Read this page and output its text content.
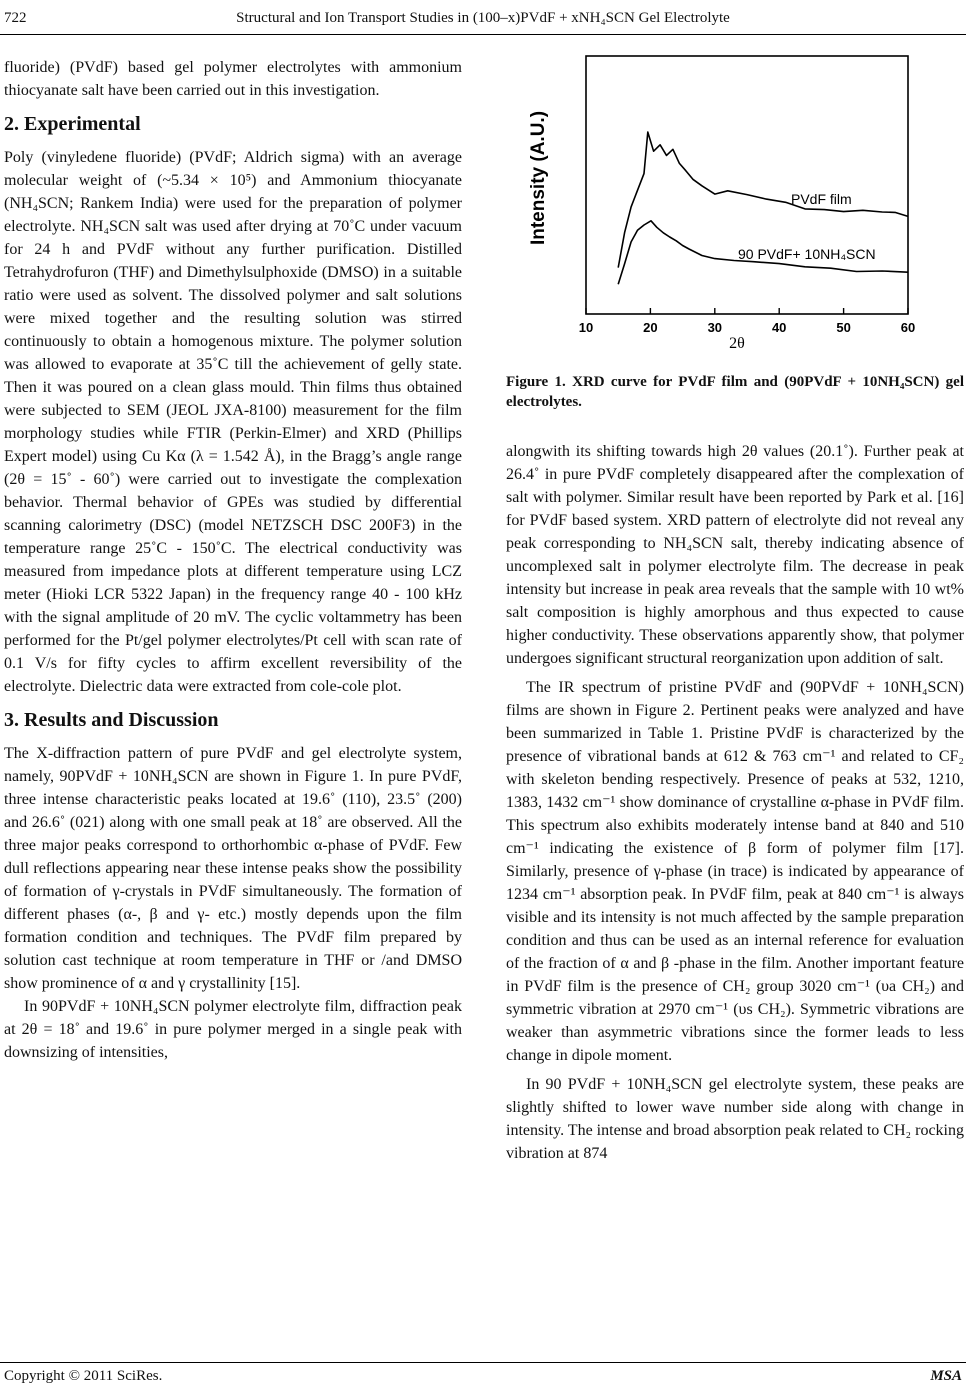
722	Structural and Ion Transport Studies in (100–x)PVdF + xNH₄SCN Gel Electrolyte

fluoride) (PVdF) based gel polymer electrolytes with ammonium thiocyanate salt have been carried out in this investigation.

2. Experimental

Poly (vinyledene fluoride) (PVdF; Aldrich sigma) with an average molecular weight of (~5.34 × 10⁵) and Ammonium thiocyanate (NH₄SCN; Rankem India) were used for the preparation of polymer electrolyte. NH₄SCN salt was used after drying at 70˚C under vacuum for 24 h and PVdF without any further purification. Distilled Tetrahydrofuron (THF) and Dimethylsulphoxide (DMSO) in a suitable ratio were used as solvent. The dissolved polymer and salt solutions were mixed together and the resulting solution was stirred continuously to obtain a homogenous mixture. The polymer solution was allowed to evaporate at 35˚C till the achievement of gelly state. Then it was poured on a clean glass mould. Thin films thus obtained were subjected to SEM (JEOL JXA-8100) measurement for the film morphology studies while FTIR (Perkin-Elmer) and XRD (Phillips Expert model) using Cu Kα (λ = 1.542 Å), in the Bragg’s angle range (2θ = 15˚ - 60˚) were carried out to investigate the complexation behavior. Thermal behavior of GPEs was studied by differential scanning calorimetry (DSC) (model NETZSCH DSC 200F3) in the temperature range 25˚C - 150˚C. The electrical conductivity was measured from impedance plots at different temperature using LCZ meter (Hioki LCR 5322 Japan) in the frequency range 40 - 100 kHz with the signal amplitude of 20 mV. The cyclic voltammetry has been performed for the Pt/gel polymer electrolytes/Pt cell with scan rate of 0.1 V/s for fifty cycles to affirm excellent reversibility of the electrolyte. Dielectric data were extracted from cole-cole plot.

3. Results and Discussion

The X-diffraction pattern of pure PVdF and gel electrolyte system, namely, 90PVdF + 10NH₄SCN are shown in Figure 1. In pure PVdF, three intense characteristic peaks located at 19.6˚ (110), 23.5˚ (200) and 26.6˚ (021) along with one small peak at 18˚ are observed. All the three major peaks correspond to orthorhombic α-phase of PVdF. Few dull reflections appearing near these intense peaks show the possibility of formation of γ-crystals in PVdF simultaneously. The formation of different phases (α-, β and γ- etc.) mostly depends upon the film formation condition and techniques. The PVdF film prepared by solution cast technique at room temperature in THF or /and DMSO show prominence of α and γ crystallinity [15].

In 90PVdF + 10NH₄SCN polymer electrolyte film, diffraction peak at 2θ = 18˚ and 19.6˚ in pure polymer merged in a single peak with downsizing of intensities,

Intensity (A.U.)
10	20	30	40	50	60
PVdF film
90 PVdF+ 10NH₄SCN
2θ
Figure 1. XRD curve for PVdF film and (90PVdF + 10NH₄SCN) gel electrolytes.

alongwith its shifting towards high 2θ values (20.1˚). Further peak at 26.4˚ in pure PVdF completely disappeared after the complexation of salt with polymer. Similar result have been reported by Park et al. [16] for PVdF based system. XRD pattern of electrolyte did not reveal any peak corresponding to NH₄SCN salt, thereby indicating absence of uncomplexed salt in polymer electrolyte film. The decrease in peak intensity but increase in peak area reveals that the sample with 10 wt% salt composition is highly amorphous and thus expected to cause higher conductivity. These observations apparently show, that polymer undergoes significant structural reorganization upon addition of salt.

The IR spectrum of pristine PVdF and (90PVdF + 10NH₄SCN) films are shown in Figure 2. Pertinent peaks were analyzed and have been summarized in Table 1. Pristine PVdF is characterized by the presence of vibrational bands at 612 & 763 cm⁻¹ and related to CF₂ with skeleton bending respectively. Presence of peaks at 532, 1210, 1383, 1432 cm⁻¹ show dominance of crystalline α-phase in PVdF film. This spectrum also exhibits moderately intense band at 840 and 510 cm⁻¹ indicating the existence of β form of polymer film [17]. Similarly, presence of γ-phase (in trace) is indicated by appearance of 1234 cm⁻¹ absorption peak. In PVdF film, peak at 840 cm⁻¹ is always visible and its intensity is not much affected by the sample preparation condition and thus can be used as an internal reference for evaluation of the fraction of α and β -phase in the film. Another important feature in PVdF film is the presence of CH₂ group 3020 cm⁻¹ (υa CH₂) and symmetric vibration at 2970 cm⁻¹ (υs CH₂). Symmetric vibrations are weaker than asymmetric vibrations since the former leads to less change in dipole moment.

In 90 PVdF + 10NH₄SCN gel electrolyte system, these peaks are slightly shifted to lower wave number side along with change in intensity. The intense and broad absorption peak related to CH₂ rocking vibration at 874

Copyright © 2011 SciRes.	MSA
